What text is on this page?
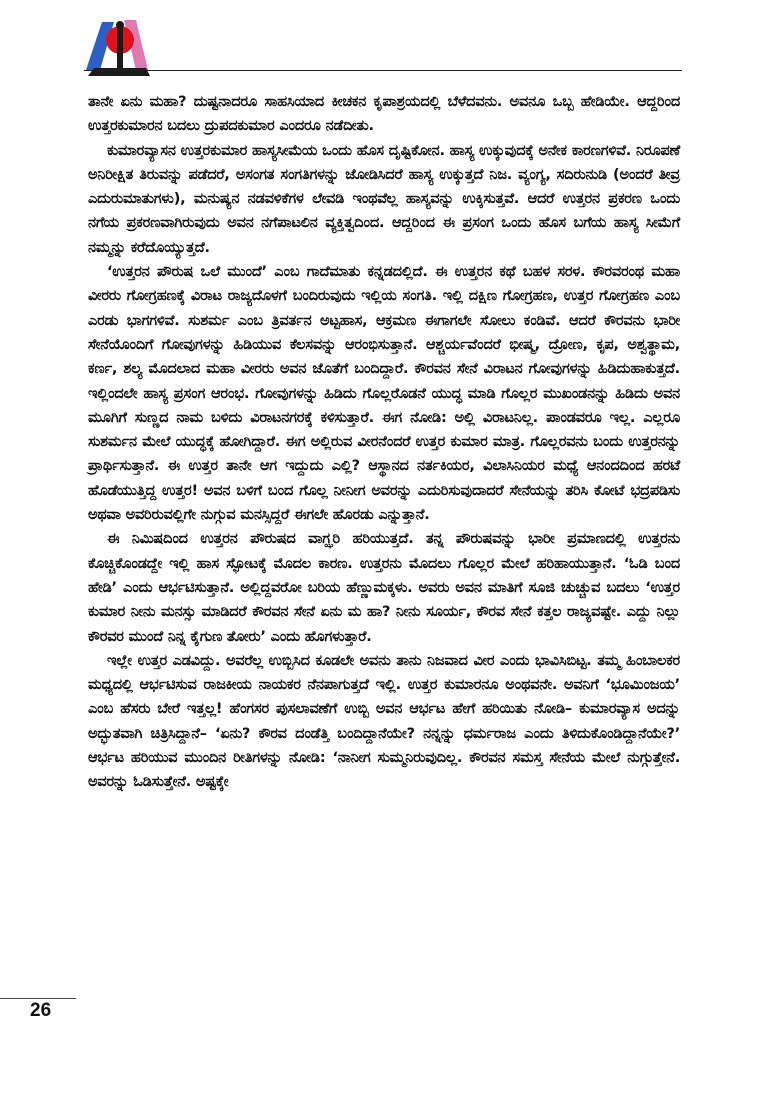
ತಾನೇ ಏನು ಮಹಾ? ದುಷ್ಟನಾದರೂ ಸಾಹಸಿಯಾದ ಕೀಚಕನ ಕೃಪಾಶ್ರಯದಲ್ಲಿ ಬೆಳೆದವನು. ಅವನೂ ಒಬ್ಬ ಹೇಡಿಯೇ. ಆದ್ದರಿಂದ ಉತ್ತರಕುಮಾರನ ಬದಲು ದ್ರುಪದಕುಮಾರ ಎಂದರೂ ನಡೆದೀತು.

ಕುಮಾರವ್ಯಾಸನ ಉತ್ತರಕುಮಾರ ಹಾಸ್ಯಸೀಮೆಯ ಒಂದು ಹೊಸ ದೃಷ್ಟಿಕೋನ. ಹಾಸ್ಯ ಉಕ್ಕುವುದಕ್ಕೆ ಅನೇಕ ಕಾರಣಗಳಿವೆ. ನಿರೂಪಣೆ ಅನಿರೀಕ್ಷಿತ ತಿರುವನ್ನು ಪಡೆದರೆ, ಅಸಂಗತ ಸಂಗತಿಗಳನ್ನು ಜೋಡಿಸಿದರೆ ಹಾಸ್ಯ ಉಕ್ಕುತ್ತದೆ ನಿಜ. ವ್ಯಂಗ್ಯ, ಸದಿರುನುಡಿ (ಅಂದರೆ ತೀವ್ರ ಎದುರುಮಾತುಗಳು), ಮನುಷ್ಯನ ನಡವಳಿಕೆಗಳ ಲೇವಡಿ ಇಂಥವೆಲ್ಲ ಹಾಸ್ಯವನ್ನು ಉಕ್ಕಿಸುತ್ತವೆ. ಆದರೆ ಉತ್ತರನ ಪ್ರಕರಣ ಒಂದು ನಗೆಯ ಪ್ರಕರಣವಾಗಿರುವುದು ಅವನ ನಗೆಪಾಟಲಿನ ವ್ಯಕ್ತಿತ್ವದಿಂದ. ಆದ್ದರಿಂದ ಈ ಪ್ರಸಂಗ ಒಂದು ಹೊಸ ಬಗೆಯ ಹಾಸ್ಯ ಸೀಮೆಗೆ ನಮ್ಮನ್ನು ಕರೆದೊಯ್ಯುತ್ತದೆ.

‘ಉತ್ತರನ ಪೌರುಷ ಒಲೆ ಮುಂದೆ’ ಎಂಬ ಗಾದೆಮಾತು ಕನ್ನಡದಲ್ಲಿದೆ. ಈ ಉತ್ತರನ ಕಥೆ ಬಹಳ ಸರಳ. ಕೌರವರಂಥ ಮಹಾ ವೀರರು ಗೋಗ್ರಹಣಕ್ಕೆ ವಿರಾಟ ರಾಜ್ಯದೊಳಗೆ ಬಂದಿರುವುದು ಇಲ್ಲಿಯ ಸಂಗತಿ. ಇಲ್ಲಿ ದಕ್ಷಿಣ ಗೋಗ್ರಹಣ, ಉತ್ತರ ಗೋಗ್ರಹಣ ಎಂಬ ಎರಡು ಭಾಗಗಳಿವೆ. ಸುಶರ್ಮ ಎಂಬ ತ್ರಿವರ್ತನ ಅಟ್ಟಹಾಸ, ಆಕ್ರಮಣ ಈಗಾಗಲೇ ಸೋಲು ಕಂಡಿವೆ. ಆದರೆ ಕೌರವನು ಭಾರೀ ಸೇನೆಯೊಂದಿಗೆ ಗೋವುಗಳನ್ನು ಹಿಡಿಯುವ ಕೆಲಸವನ್ನು ಆರಂಭಿಸುತ್ತಾನೆ. ಆಶ್ಚರ್ಯವೆಂದರೆ ಭೀಷ್ಮ, ದ್ರೋಣ, ಕೃಪ, ಅಶ್ವತ್ಥಾಮ, ಕರ್ಣ, ಶಲ್ಯ ಮೊದಲಾದ ಮಹಾ ವೀರರು ಅವನ ಜೊತೆಗೆ ಬಂದಿದ್ದಾರೆ. ಕೌರವನ ಸೇನೆ ವಿರಾಟನ ಗೋವುಗಳನ್ನು ಹಿಡಿದುಹಾಕುತ್ತದೆ. ಇಲ್ಲಿಂದಲೇ ಹಾಸ್ಯ ಪ್ರಸಂಗ ಆರಂಭ. ಗೋವುಗಳನ್ನು ಹಿಡಿದು ಗೊಲ್ಲರೊಡನೆ ಯುದ್ಧ ಮಾಡಿ ಗೊಲ್ಲರ ಮುಖಂಡನನ್ನು ಹಿಡಿದು ಅವನ ಮೂಗಿಗೆ ಸುಣ್ಣದ ನಾಮ ಬಳಿದು ವಿರಾಟನಗರಕ್ಕೆ ಕಳಿಸುತ್ತಾರೆ. ಈಗ ನೋಡಿ: ಅಲ್ಲಿ ವಿರಾಟನಿಲ್ಲ. ಪಾಂಡವರೂ ಇಲ್ಲ. ಎಲ್ಲರೂ ಸುಶರ್ಮನ ಮೇಲೆ ಯುದ್ಧಕ್ಕೆ ಹೋಗಿದ್ದಾರೆ. ಈಗ ಅಲ್ಲಿರುವ ವೀರನೆಂದರೆ ಉತ್ತರ ಕುಮಾರ ಮಾತ್ರ. ಗೊಲ್ಲರವನು ಬಂದು ಉತ್ತರನನ್ನು ಪ್ರಾರ್ಥಿಸುತ್ತಾನೆ. ಈ ಉತ್ತರ ತಾನೇ ಆಗ ಇದ್ದುದು ಎಲ್ಲಿ? ಆಸ್ಥಾನದ ನರ್ತಕಿಯರ, ವಿಲಾಸಿನಿಯರ ಮಧ್ಯೆ ಆನಂದದಿಂದ ಹರಟೆ ಹೊಡೆಯುತ್ತಿದ್ದ ಉತ್ತರ! ಅವನ ಬಳಿಗೆ ಬಂದ ಗೊಲ್ಲ ನೀನೀಗ ಅವರನ್ನು ಎದುರಿಸುವುದಾದರೆ ಸೇನೆಯನ್ನು ತರಿಸಿ ಕೋಟೆ ಭದ್ರಪಡಿಸು ಅಥವಾ ಅವರಿರುವಲ್ಲಿಗೇ ನುಗ್ಗುವ ಮನಸ್ಸಿದ್ದರೆ ಈಗಲೇ ಹೊರಡು ಎನ್ನುತ್ತಾನೆ.

ಈ ನಿಮಿಷದಿಂದ ಉತ್ತರನ ಪೌರುಷದ ವಾಗ್ಝರಿ ಹರಿಯುತ್ತದೆ. ತನ್ನ ಪೌರುಷವನ್ನು ಭಾರೀ ಪ್ರಮಾಣದಲ್ಲಿ ಉತ್ತರನು ಕೊಚ್ಚಿಕೊಂಡದ್ದೇ ಇಲ್ಲಿ ಹಾಸ ಸ್ಫೋಟಕ್ಕೆ ಮೊದಲ ಕಾರಣ. ಉತ್ತರನು ಮೊದಲು ಗೊಲ್ಲರ ಮೇಲೆ ಹರಿಹಾಯುತ್ತಾನೆ. ‘ಓಡಿ ಬಂದ ಹೇಡಿ’ ಎಂದು ಆರ್ಭಟಿಸುತ್ತಾನೆ. ಅಲ್ಲಿದ್ದವರೋ ಬರಿಯ ಹೆಣ್ಣುಮಕ್ಕಳು. ಅವರು ಅವನ ಮಾತಿಗೆ ಸೂಜಿ ಚುಚ್ಚುವ ಬದಲು ‘ಉತ್ತರ ಕುಮಾರ ನೀನು ಮನಸ್ಸು ಮಾಡಿದರೆ ಕೌರವನ ಸೇನೆ ಏನು ಮ ಹಾ? ನೀನು ಸೂರ್ಯ, ಕೌರವ ಸೇನೆ ಕತ್ತಲ ರಾಜ್ಯವಷ್ಟೇ. ಎದ್ದು ನಿಲ್ಲು ಕೌರವರ ಮುಂದೆ ನಿನ್ನ ಕೈಗುಣ ತೋರು’ ಎಂದು ಹೊಗಳುತ್ತಾರೆ.

ಇಲ್ಲೇ ಉತ್ತರ ಎಡವಿದ್ದು. ಅವರೆಲ್ಲ ಉಬ್ಬಿಸಿದ ಕೂಡಲೇ ಅವನು ತಾನು ನಿಜವಾದ ವೀರ ಎಂದು ಭಾವಿಸಿಬಿಟ್ಟ. ತಮ್ಮ ಹಿಂಬಾಲಕರ ಮಧ್ಯದಲ್ಲಿ ಆರ್ಭಟಿಸುವ ರಾಜಕೀಯ ನಾಯಕರ ನೆನಪಾಗುತ್ತದೆ ಇಲ್ಲಿ. ಉತ್ತರ ಕುಮಾರನೂ ಅಂಥವನೇ. ಅವನಿಗೆ ‘ಭೂಮಿಂಜಯ’ ಎಂಬ ಹೆಸರು ಬೇರೆ ಇತ್ತಲ್ಲ! ಹೆಂಗಸರ ಪುಸಲಾವಣೆಗೆ ಉಬ್ಬಿ ಅವನ ಆರ್ಭಟ ಹೇಗೆ ಹರಿಯಿತು ನೋಡಿ– ಕುಮಾರವ್ಯಾಸ ಅದನ್ನು ಅದ್ಭುತವಾಗಿ ಚಿತ್ರಿಸಿದ್ದಾನೆ– ‘ಏನು? ಕೌರವ ದಂಡೆತ್ತಿ ಬಂದಿದ್ದಾನೆಯೇ? ನನ್ನನ್ನು ಧರ್ಮರಾಜ ಎಂದು ತಿಳಿದುಕೊಂಡಿದ್ದಾನೆಯೇ?’ ಆರ್ಭಟ ಹರಿಯುವ ಮುಂದಿನ ರೀತಿಗಳನ್ನು ನೋಡಿ: ‘ನಾನೀಗ ಸುಮ್ಮನಿರುವುದಿಲ್ಲ. ಕೌರವನ ಸಮಸ್ತ ಸೇನೆಯ ಮೇಲೆ ನುಗ್ಗುತ್ತೇನೆ. ಅವರನ್ನು ಓಡಿಸುತ್ತೇನೆ. ಅಷ್ಟಕ್ಕೇ

26
